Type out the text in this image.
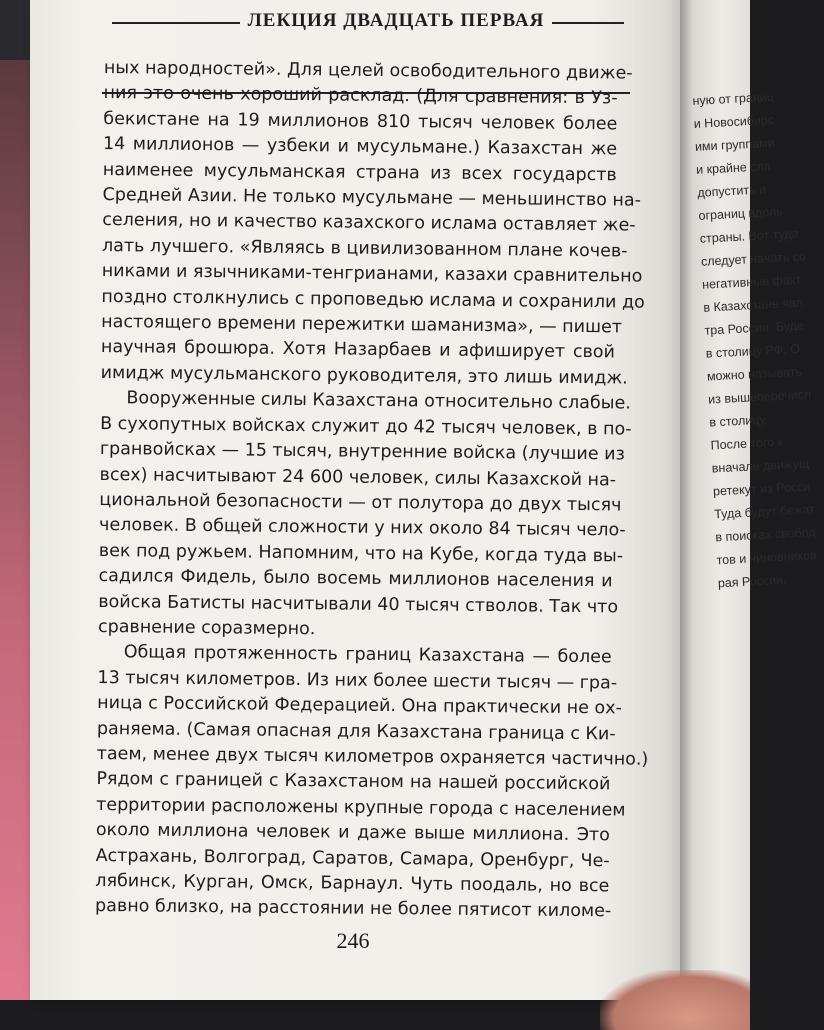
ЛЕКЦИЯ ДВАДЦАТЬ ПЕРВАЯ
ных народностей». Для целей освободительного движе-
ния это очень хороший расклад. (Для сравнения: в Уз-
бекистане на 19 миллионов 810 тысяч человек более
14 миллионов — узбеки и мусульмане.) Казахстан же
наименее мусульманская страна из всех государств
Средней Азии. Не только мусульмане — меньшинство на-
селения, но и качество казахского ислама оставляет же-
лать лучшего. «Являясь в цивилизованном плане кочев-
никами и язычниками-тенгрианами, казахи сравнительно
поздно столкнулись с проповедью ислама и сохранили до
настоящего времени пережитки шаманизма», — пишет
научная брошюра. Хотя Назарбаев и афиширует свой
имидж мусульманского руководителя, это лишь имидж.
Вооруженные силы Казахстана относительно слабые.
В сухопутных войсках служит до 42 тысяч человек, в по-
гранвойсках — 15 тысяч, внутренние войска (лучшие из
всех) насчитывают 24 600 человек, силы Казахской на-
циональной безопасности — от полутора до двух тысяч
человек. В общей сложности у них около 84 тысяч чело-
век под ружьем. Напомним, что на Кубе, когда туда вы-
садился Фидель, было восемь миллионов населения и
войска Батисты насчитывали 40 тысяч стволов. Так что
сравнение соразмерно.
Общая протяженность границ Казахстана — более
13 тысяч километров. Из них более шести тысяч — гра-
ница с Российской Федерацией. Она практически не ох-
раняема. (Самая опасная для Казахстана граница с Ки-
таем, менее двух тысяч километров охраняется частично.)
Рядом с границей с Казахстаном на нашей российской
территории расположены крупные города с населением
около миллиона человек и даже выше миллиона. Это
Астрахань, Волгоград, Саратов, Самара, Оренбург, Че-
лябинск, Курган, Омск, Барнаул. Чуть поодаль, но все
равно близко, на расстоянии не более пятисот киломе-
246
ную от границ
и Новосибирс
ими группами
и крайне сла
допустить и
ограниц вдоль
страны. Вот туда
следует начать со
негативные факт
в Казахстане явл
тра России. Буде
в столицу РФ. О
можно называть
из вышеперечисл
в столицу.
После того к
вначале движущ
ретекут из Росси
Туда будут бежат
в поисках свобод
тов и чиновников
рая Россия.
